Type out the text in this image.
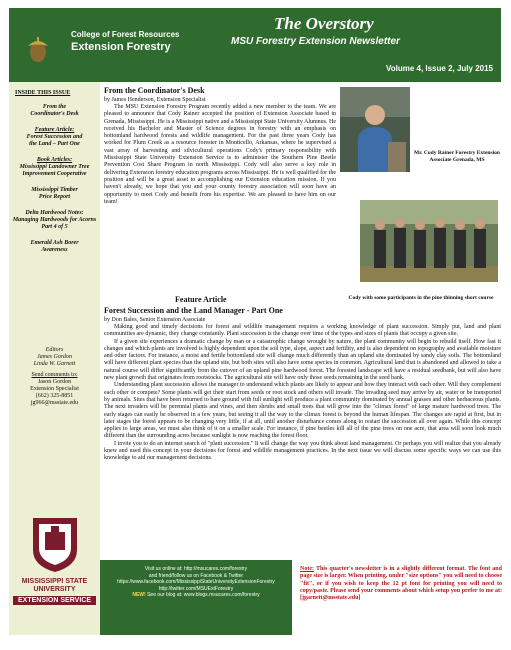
College of Forest Resources
Extension Forestry
The Overstory
MSU Forestry Extension Newsletter
Volume 4, Issue 2, July 2015
INSIDE THIS ISSUE
From the
Coordinator's Desk
Feature Article:
Forest Succession and
the Land – Part One
Book Articles:
Mississippi Landowner Tree
Improvement Cooperative
Mississippi Timber
Price Report
Delta Hardwood Notes:
Managing Hardwoods for Acorns
Part 4 of 5
Emerald Ash Borer
Awareness
Editors
James Gordon
Linda W. Garnett
Send comments to:
Jason Gordon
Extension Specialist
(662) 325-8851
jg966@msstate.edu
MISSISSIPPI STATE UNIVERSITY
EXTENSION SERVICE
From the Coordinator's Desk
by James Henderson, Extension Specialist
The MSU Extension Forestry Program recently added a new member to the team. We are pleased to announce that Cody Rainer accepted the position of Extension Associate based in Grenada, Mississippi. He is a Mississippi native and a Mississippi State University Alumnus. He received his Bachelor and Master of Science degrees in forestry with an emphasis on bottomland hardwood forests and wildlife management. For the past three years Cody has worked for Plum Creek as a resource forester in Monticello, Arkansas, where he supervised a vast array of harvesting and silvicultural operations Cody's primary responsibility with Mississippi State University Extension Service is to administer the Southern Pine Beetle Prevention Cost Share Program in north Mississippi. Cody will also serve a key role in delivering Extension forestry education programs across Mississippi. He is well qualified for the position and will be a great asset to accomplishing our Extension education mission. If you haven't already, we hope that you and your county forestry association will soon have an opportunity to meet Cody and benefit from his expertise. We are pleased to have him on our team!
Mr. Cody Rainer Forestry Extension Associate Grenada, MS
Cody with some participants in the pine thinning short course
Feature Article
Forest Succession and the Land Manager - Part One
by Don Bales, Senior Extension Associate
Making good and timely decisions for forest and wildlife management requires a working knowledge of plant succession. Simply put, land and plant communities are dynamic, they change constantly. Plant succession is the change over time of the types and sizes of plants that occupy a given site.
If a given site experiences a dramatic change by man or a catastrophic change wrought by nature, the plant community will begin to rebuild itself. How fast it changes and which plants are involved is highly dependent upon the soil type, slope, aspect and fertility, and is also dependent on topography and available moisture and other factors. For instance, a moist and fertile bottomland site will change much differently than an upland site dominated by sandy clay soils. The bottomland will have different plant species than the upland site, but both sites will also have some species in common. Agricultural land that is abandoned and allowed to take a natural course will differ significantly from the cutover of an upland pine hardwood forest. The forested landscape will have a residual seedbank, but will also have new plant growth that originates from rootstocks. The agricultural site will have only those seeds remaining in the seed bank.
Understanding plant succession allows the manager to understand which plants are likely to appear and how they interact with each other. Will they complement each other or compete? Some plants will get their start from seeds or root stock and others will invade. The invading seed may arrive by air, water or be transported by animals. Sites that have been returned to bare ground with full sunlight will produce a plant community dominated by annual grasses and other herbaceous plants. The next invaders will be perennial plants and vines, and then shrubs and small trees that will grow into the "climax forest" of large mature hardwood trees. The early stages can easily be observed in a few years, but seeing it all the way to the climax forest is beyond the human lifespan. The changes are rapid at first, but in later stages the forest appears to be changing very little, if at all, until another disturbance comes along to restart the succession all over again. While this concept applies to large areas, we must also think of it on a smaller scale. For instance, if pine beetles kill all of the pine trees on one acre, that area will soon look much different than the surrounding acres because sunlight is now reaching the forest floor.
I invite you to do an internet search of "plant succession." It will change the way you think about land management. Or perhaps you will realize that you already knew and used this concept in your decisions for forest and wildlife management practices. In the next issue we will discuss some specific ways we can use this knowledge to aid our management decisions.
Visit us online at: http://msucares.com/forestry
and friend/follow us on Facebook & Twitter
https://www.facebook.com/MississippiStateUniversityExtensionForestry
http://twitter.com/MSUExtForestry
NEW! See our blog at: www.blogs.msucares.com/forestry
Note: This quarter's newsletter is in a slightly different format. The font and page size is larger. When printing, under "size options" you will need to choose "fit", or if you wish to keep the 12 pt font for printing you will need to copy/paste. Please send your comments about which setup you prefer to me at: [jgarnett@msstate.edu]
